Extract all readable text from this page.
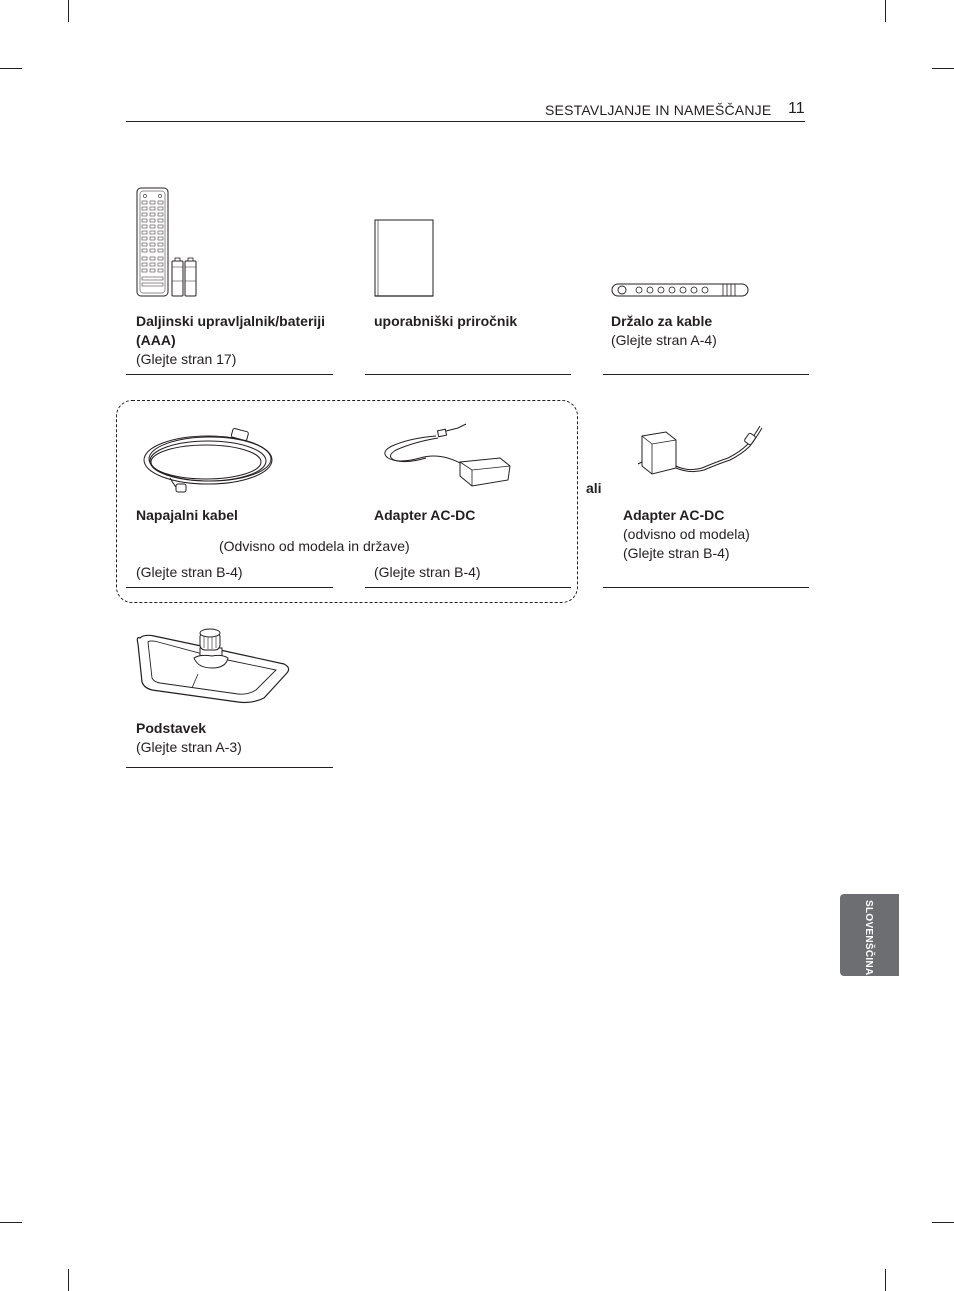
SESTAVLJANJE IN NAMEŠČANJE 11
Daljinski upravljalnik/bateriji
(AAA)
(Glejte stran 17)
uporabniški priročnik	Držalo za kable
(Glejte stran A-4)
Napajalni kabel
(Glejte stran B-4)
Adapter AC-DC
(Odvisno od modela in države)
(Glejte stran B-4)
ali
Adapter AC-DC
(odvisno od modela)
(Glejte stran B-4)
Podstavek
(Glejte stran A-3)
SLOVENŠČINA
